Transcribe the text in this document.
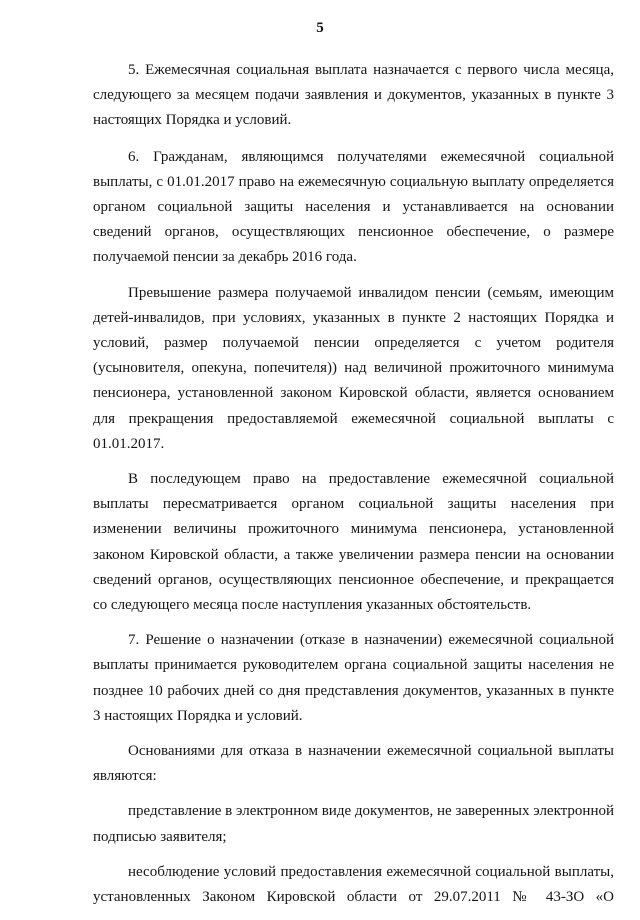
5

5. Ежемесячная социальная выплата назначается с первого числа месяца, следующего за месяцем подачи заявления и документов, указанных в пункте 3 настоящих Порядка и условий.

6. Гражданам, являющимся получателями ежемесячной социальной выплаты, с 01.01.2017 право на ежемесячную социальную выплату определяется органом социальной защиты населения и устанавливается на основании сведений органов, осуществляющих пенсионное обеспечение, о размере получаемой пенсии за декабрь 2016 года.

Превышение размера получаемой инвалидом пенсии (семьям, имеющим детей-инвалидов, при условиях, указанных в пункте 2 настоящих Порядка и условий, размер получаемой пенсии определяется с учетом родителя (усыновителя, опекуна, попечителя)) над величиной прожиточного минимума пенсионера, установленной законом Кировской области, является основанием для прекращения предоставляемой ежемесячной социальной выплаты с 01.01.2017.

В последующем право на предоставление ежемесячной социальной выплаты пересматривается органом социальной защиты населения при изменении величины прожиточного минимума пенсионера, установленной законом Кировской области, а также увеличении размера пенсии на основании сведений органов, осуществляющих пенсионное обеспечение, и прекращается со следующего месяца после наступления указанных обстоятельств.

7. Решение о назначении (отказе в назначении) ежемесячной социальной выплаты принимается руководителем органа социальной защиты населения не позднее 10 рабочих дней со дня представления документов, указанных в пункте 3 настоящих Порядка и условий.

Основаниями для отказа в назначении ежемесячной социальной выплаты являются:

представление в электронном виде документов, не заверенных электронной подписью заявителя;

несоблюдение условий предоставления ежемесячной социальной выплаты, установленных Законом Кировской области от 29.07.2011 № 43-ЗО «О
